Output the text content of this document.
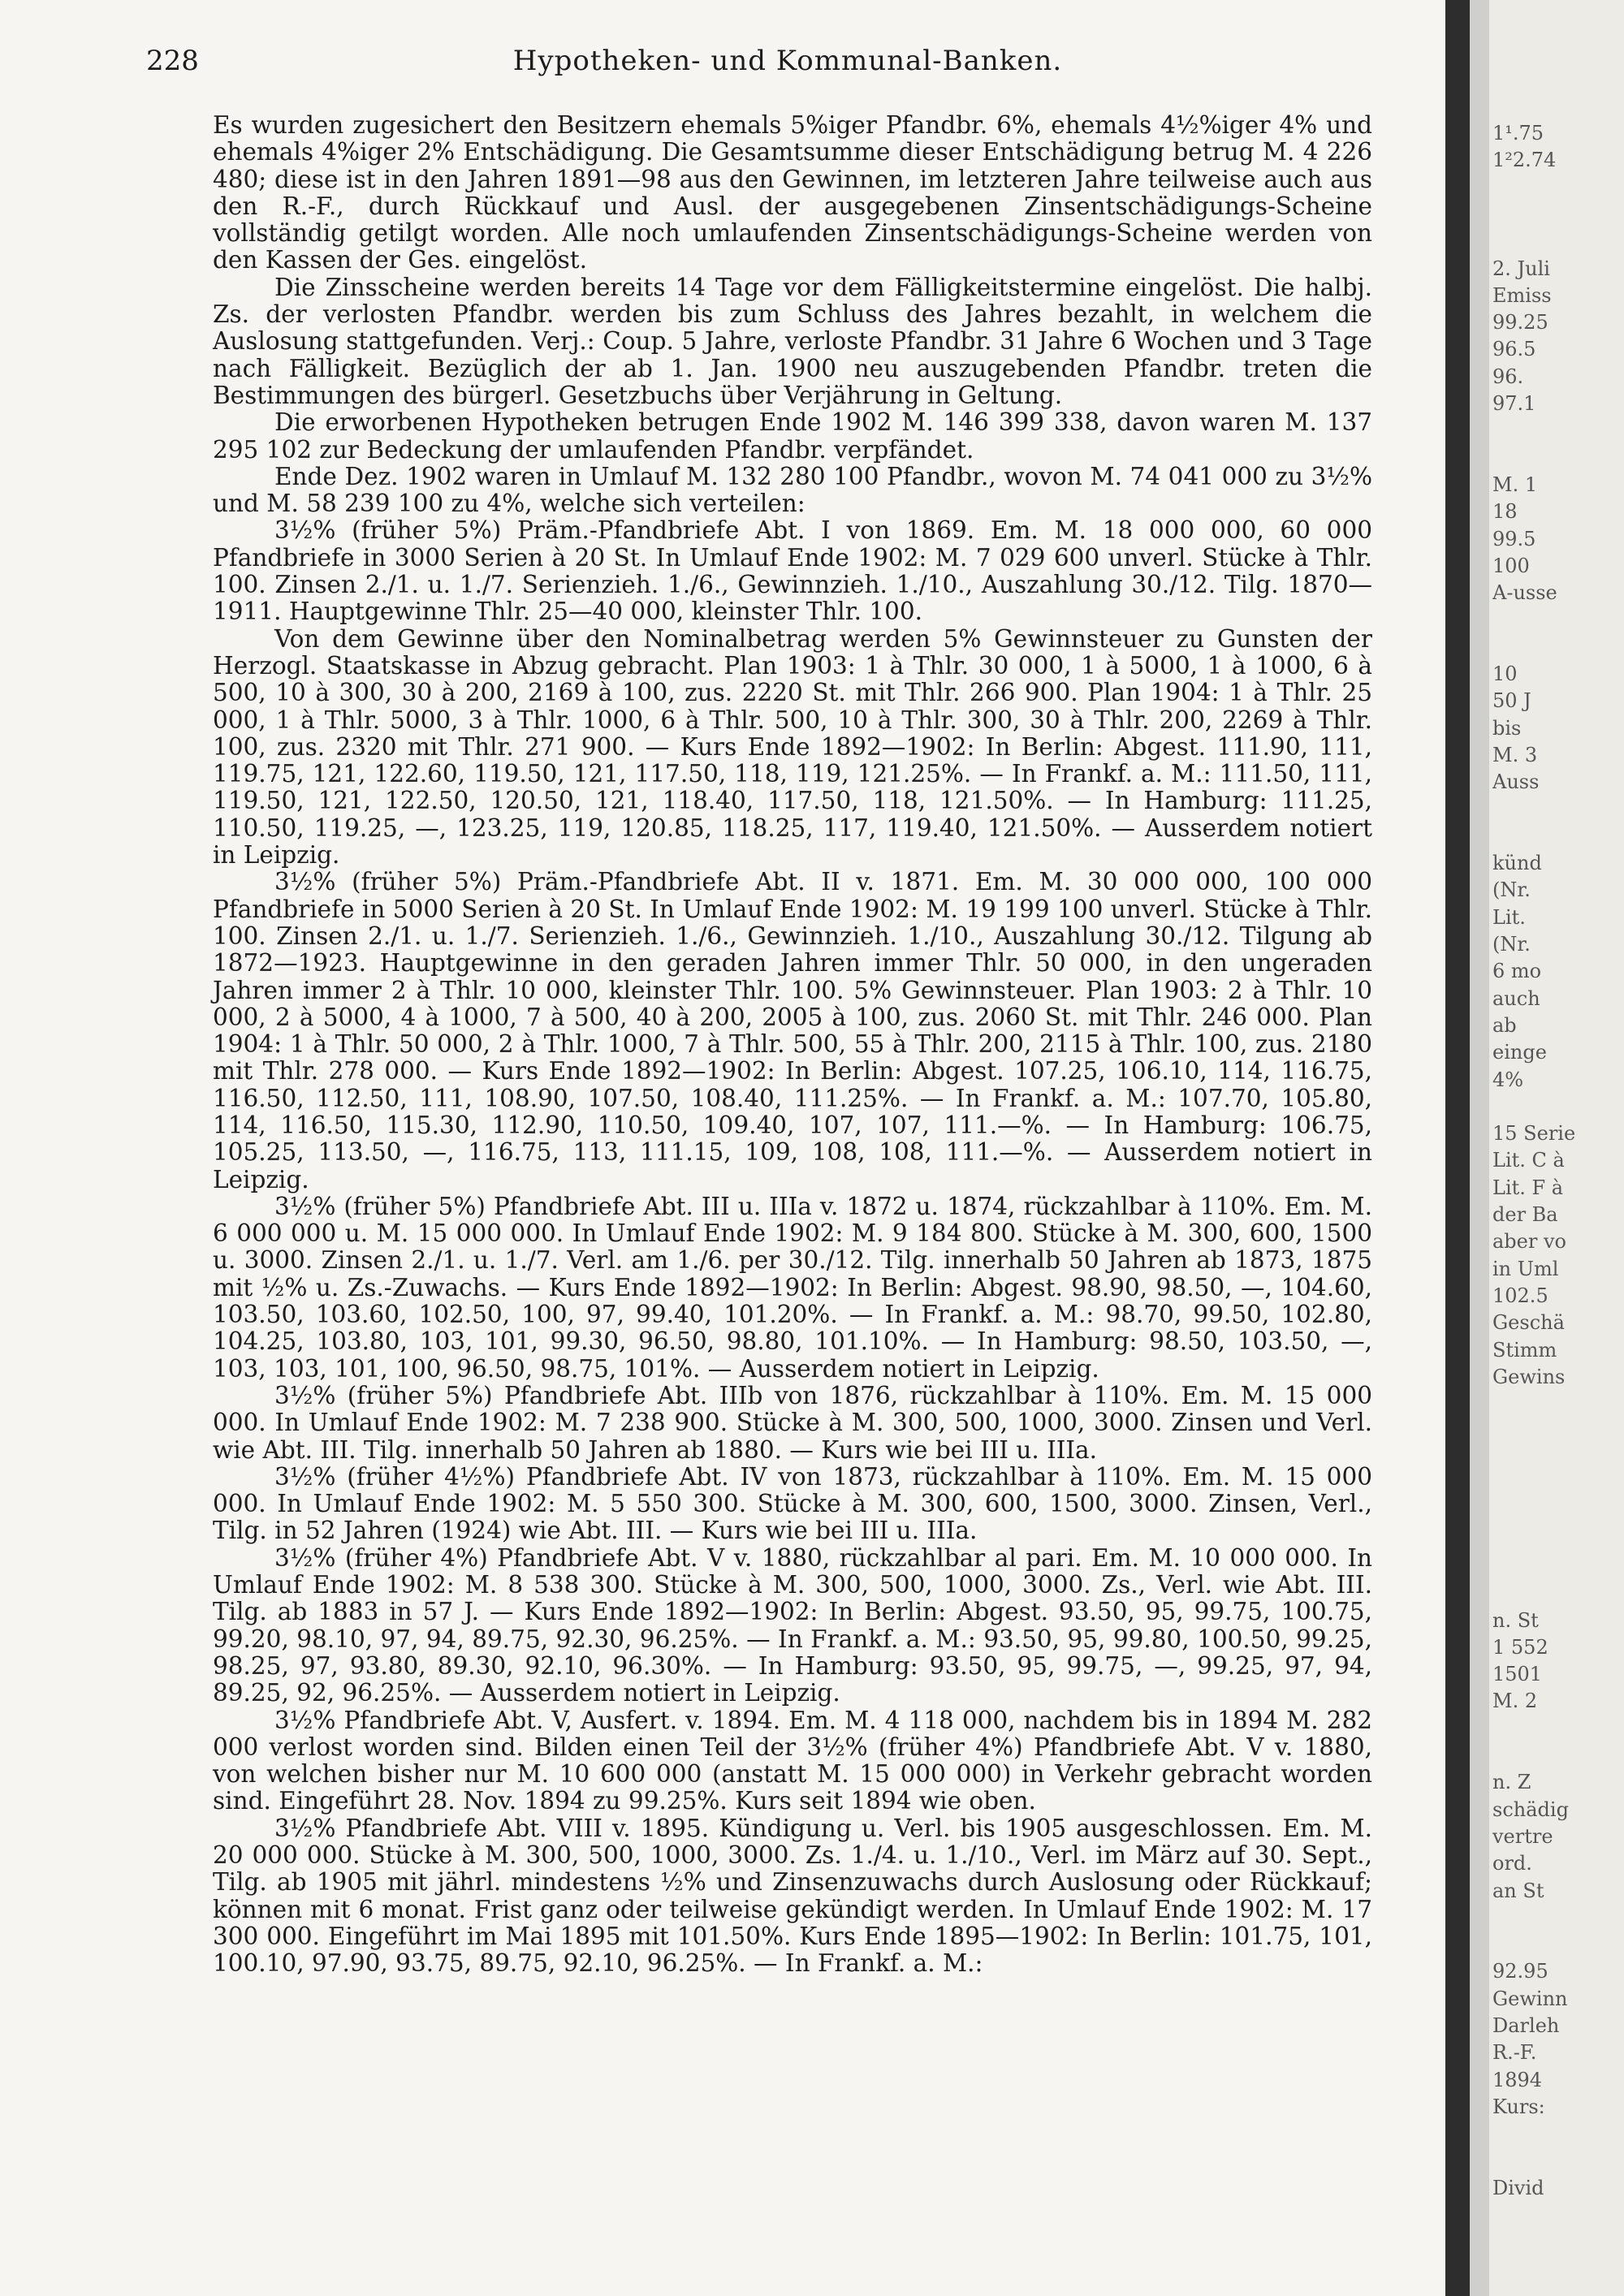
228	Hypotheken- und Kommunal-Banken.

Es wurden zugesichert den Besitzern ehemals 5%iger Pfandbr. 6%, ehemals 4½%iger 4% und ehemals 4%iger 2% Entschädigung. Die Gesamtsumme dieser Entschädigung betrug M. 4 226 480; diese ist in den Jahren 1891—98 aus den Gewinnen, im letzteren Jahre teilweise auch aus den R.-F., durch Rückkauf und Ausl. der ausgegebenen Zinsentschädigungs-Scheine vollständig getilgt worden. Alle noch umlaufenden Zinsentschädigungs-Scheine werden von den Kassen der Ges. eingelöst.

Die Zinsscheine werden bereits 14 Tage vor dem Fälligkeitstermine eingelöst. Die halbj. Zs. der verlosten Pfandbr. werden bis zum Schluss des Jahres bezahlt, in welchem die Auslosung stattgefunden. Verj.: Coup. 5 Jahre, verloste Pfandbr. 31 Jahre 6 Wochen und 3 Tage nach Fälligkeit. Bezüglich der ab 1. Jan. 1900 neu auszugebenden Pfandbr. treten die Bestimmungen des bürgerl. Gesetzbuchs über Verjährung in Geltung.

Die erworbenen Hypotheken betrugen Ende 1902 M. 146 399 338, davon waren M. 137 295 102 zur Bedeckung der umlaufenden Pfandbr. verpfändet.

Ende Dez. 1902 waren in Umlauf M. 132 280 100 Pfandbr., wovon M. 74 041 000 zu 3½% und M. 58 239 100 zu 4%, welche sich verteilen:

3½% (früher 5%) Präm.-Pfandbriefe Abt. I von 1869. Em. M. 18 000 000, 60 000 Pfandbriefe in 3000 Serien à 20 St. In Umlauf Ende 1902: M. 7 029 600 unverl. Stücke à Thlr. 100. Zinsen 2./1. u. 1./7. Serienzieh. 1./6., Gewinnzieh. 1./10., Auszahlung 30./12. Tilg. 1870—1911. Hauptgewinne Thlr. 25—40 000, kleinster Thlr. 100.

Von dem Gewinne über den Nominalbetrag werden 5% Gewinnsteuer zu Gunsten der Herzogl. Staatskasse in Abzug gebracht. Plan 1903: 1 à Thlr. 30 000, 1 à 5000, 1 à 1000, 6 à 500, 10 à 300, 30 à 200, 2169 à 100, zus. 2220 St. mit Thlr. 266 900. Plan 1904: 1 à Thlr. 25 000, 1 à Thlr. 5000, 3 à Thlr. 1000, 6 à Thlr. 500, 10 à Thlr. 300, 30 à Thlr. 200, 2269 à Thlr. 100, zus. 2320 mit Thlr. 271 900. — Kurs Ende 1892—1902: In Berlin: Abgest. 111.90, 111, 119.75, 121, 122.60, 119.50, 121, 117.50, 118, 119, 121.25%. — In Frankf. a. M.: 111.50, 111, 119.50, 121, 122.50, 120.50, 121, 118.40, 117.50, 118, 121.50%. — In Hamburg: 111.25, 110.50, 119.25, —, 123.25, 119, 120.85, 118.25, 117, 119.40, 121.50%. — Ausserdem notiert in Leipzig.

3½% (früher 5%) Präm.-Pfandbriefe Abt. II v. 1871. Em. M. 30 000 000, 100 000 Pfandbriefe in 5000 Serien à 20 St. In Umlauf Ende 1902: M. 19 199 100 unverl. Stücke à Thlr. 100. Zinsen 2./1. u. 1./7. Serienzieh. 1./6., Gewinnzieh. 1./10., Auszahlung 30./12. Tilgung ab 1872—1923. Hauptgewinne in den geraden Jahren immer Thlr. 50 000, in den ungeraden Jahren immer 2 à Thlr. 10 000, kleinster Thlr. 100. 5% Gewinnsteuer. Plan 1903: 2 à Thlr. 10 000, 2 à 5000, 4 à 1000, 7 à 500, 40 à 200, 2005 à 100, zus. 2060 St. mit Thlr. 246 000. Plan 1904: 1 à Thlr. 50 000, 2 à Thlr. 1000, 7 à Thlr. 500, 55 à Thlr. 200, 2115 à Thlr. 100, zus. 2180 mit Thlr. 278 000. — Kurs Ende 1892—1902: In Berlin: Abgest. 107.25, 106.10, 114, 116.75, 116.50, 112.50, 111, 108.90, 107.50, 108.40, 111.25%. — In Frankf. a. M.: 107.70, 105.80, 114, 116.50, 115.30, 112.90, 110.50, 109.40, 107, 107, 111.—%. — In Hamburg: 106.75, 105.25, 113.50, —, 116.75, 113, 111.15, 109, 108, 108, 111.—%. — Ausserdem notiert in Leipzig.

3½% (früher 5%) Pfandbriefe Abt. III u. IIIa v. 1872 u. 1874, rückzahlbar à 110%. Em. M. 6 000 000 u. M. 15 000 000. In Umlauf Ende 1902: M. 9 184 800. Stücke à M. 300, 600, 1500 u. 3000. Zinsen 2./1. u. 1./7. Verl. am 1./6. per 30./12. Tilg. innerhalb 50 Jahren ab 1873, 1875 mit ½% u. Zs.-Zuwachs. — Kurs Ende 1892—1902: In Berlin: Abgest. 98.90, 98.50, —, 104.60, 103.50, 103.60, 102.50, 100, 97, 99.40, 101.20%. — In Frankf. a. M.: 98.70, 99.50, 102.80, 104.25, 103.80, 103, 101, 99.30, 96.50, 98.80, 101.10%. — In Hamburg: 98.50, 103.50, —, 103, 103, 101, 100, 96.50, 98.75, 101%. — Ausserdem notiert in Leipzig.

3½% (früher 5%) Pfandbriefe Abt. IIIb von 1876, rückzahlbar à 110%. Em. M. 15 000 000. In Umlauf Ende 1902: M. 7 238 900. Stücke à M. 300, 500, 1000, 3000. Zinsen und Verl. wie Abt. III. Tilg. innerhalb 50 Jahren ab 1880. — Kurs wie bei III u. IIIa.

3½% (früher 4½%) Pfandbriefe Abt. IV von 1873, rückzahlbar à 110%. Em. M. 15 000 000. In Umlauf Ende 1902: M. 5 550 300. Stücke à M. 300, 600, 1500, 3000. Zinsen, Verl., Tilg. in 52 Jahren (1924) wie Abt. III. — Kurs wie bei III u. IIIa.

3½% (früher 4%) Pfandbriefe Abt. V v. 1880, rückzahlbar al pari. Em. M. 10 000 000. In Umlauf Ende 1902: M. 8 538 300. Stücke à M. 300, 500, 1000, 3000. Zs., Verl. wie Abt. III. Tilg. ab 1883 in 57 J. — Kurs Ende 1892—1902: In Berlin: Abgest. 93.50, 95, 99.75, 100.75, 99.20, 98.10, 97, 94, 89.75, 92.30, 96.25%. — In Frankf. a. M.: 93.50, 95, 99.80, 100.50, 99.25, 98.25, 97, 93.80, 89.30, 92.10, 96.30%. — In Hamburg: 93.50, 95, 99.75, —, 99.25, 97, 94, 89.25, 92, 96.25%. — Ausserdem notiert in Leipzig.

3½% Pfandbriefe Abt. V, Ausfert. v. 1894. Em. M. 4 118 000, nachdem bis in 1894 M. 282 000 verlost worden sind. Bilden einen Teil der 3½% (früher 4%) Pfandbriefe Abt. V v. 1880, von welchen bisher nur M. 10 600 000 (anstatt M. 15 000 000) in Verkehr gebracht worden sind. Eingeführt 28. Nov. 1894 zu 99.25%. Kurs seit 1894 wie oben.

3½% Pfandbriefe Abt. VIII v. 1895. Kündigung u. Verl. bis 1905 ausgeschlossen. Em. M. 20 000 000. Stücke à M. 300, 500, 1000, 3000. Zs. 1./4. u. 1./10., Verl. im März auf 30. Sept., Tilg. ab 1905 mit jährl. mindestens ½% und Zinsenzuwachs durch Auslosung oder Rückkauf; können mit 6 monat. Frist ganz oder teilweise gekündigt werden. In Umlauf Ende 1902: M. 17 300 000. Eingeführt im Mai 1895 mit 101.50%. Kurs Ende 1895—1902: In Berlin: 101.75, 101, 100.10, 97.90, 93.75, 89.75, 92.10, 96.25%. — In Frankf. a. M.:

1¹.75
1²2.74
2. Juli
Emiss
99.25
96.5
96.
97.1
M. 1
18
99.5
100
A-usse
10
50 J
bis
M. 3
Auss
künd
(Nr.
Lit.
(Nr.
6 mo
auch
ab
einge
4%
15 Serie
Lit. C à
Lit. F à
der Ba
aber vo
in Uml
102.5
Geschä
Stimm
Gewins
n. St
1 552
1501
M. 2
n. Z
schädig
vertre
ord.
an St
92.95
Gewinn
Darleh
R.-F.
1894
Kurs:
Divid
